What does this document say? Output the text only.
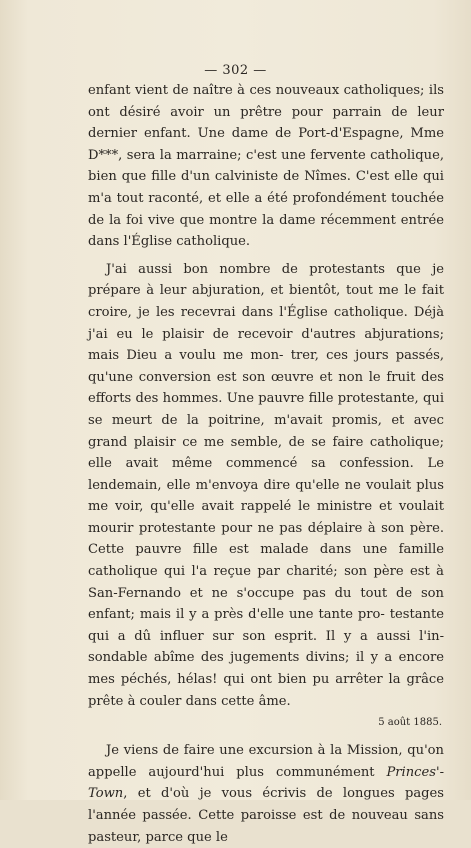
— 302 —

enfant vient de naître à ces nouveaux catholiques; ils ont désiré avoir un prêtre pour parrain de leur dernier enfant. Une dame de Port-d'Espagne, Mme D***, sera la marraine; c'est une fervente catholique, bien que fille d'un calviniste de Nîmes. C'est elle qui m'a tout raconté, et elle a été profondément touchée de la foi vive que montre la dame récemment entrée dans l'Église catholique.

J'ai aussi bon nombre de protestants que je prépare à leur abjuration, et bientôt, tout me le fait croire, je les recevrai dans l'Église catholique. Déjà j'ai eu le plaisir de recevoir d'autres abjurations; mais Dieu a voulu me mon- trer, ces jours passés, qu'une conversion est son œuvre et non le fruit des efforts des hommes. Une pauvre fille protestante, qui se meurt de la poitrine, m'avait promis, et avec grand plaisir ce me semble, de se faire catholique; elle avait même commencé sa confession. Le lendemain, elle m'envoya dire qu'elle ne voulait plus me voir, qu'elle avait rappelé le ministre et voulait mourir protestante pour ne pas déplaire à son père. Cette pauvre fille est malade dans une famille catholique qui l'a reçue par charité; son père est à San-Fernando et ne s'occupe pas du tout de son enfant; mais il y a près d'elle une tante pro- testante qui a dû influer sur son esprit. Il y a aussi l'in- sondable abîme des jugements divins; il y a encore mes péchés, hélas! qui ont bien pu arrêter la grâce prête à couler dans cette âme.

5 août 1885.

Je viens de faire une excursion à la Mission, qu'on appelle aujourd'hui plus communément Princes'-Town, et d'où je vous écrivis de longues pages l'année passée. Cette paroisse est de nouveau sans pasteur, parce que le
